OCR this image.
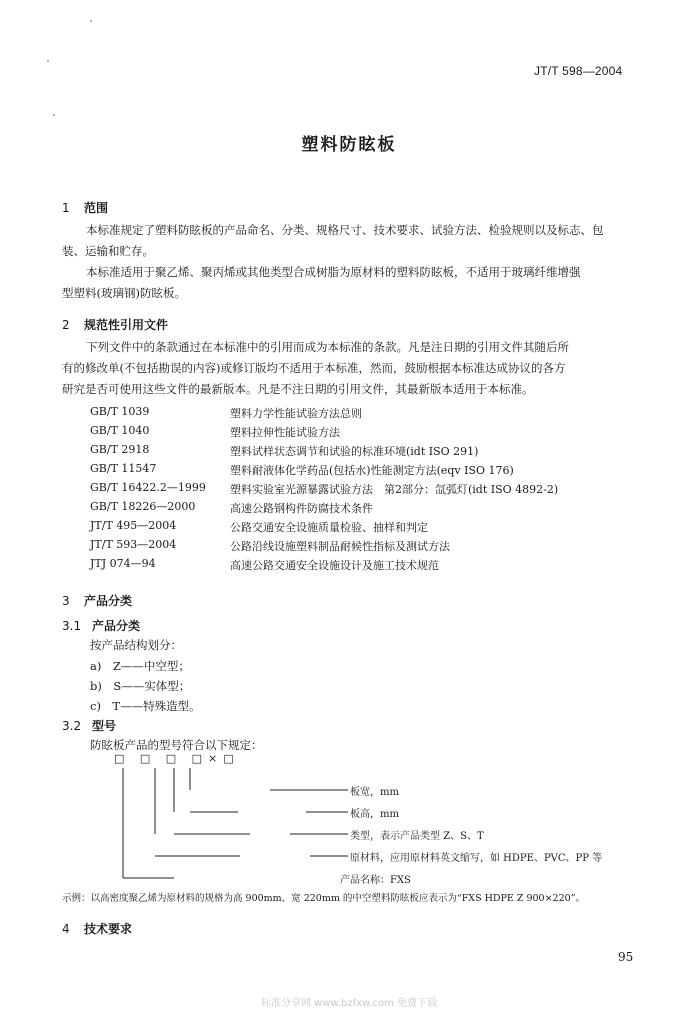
JT/T 598—2004
塑料防眩板
1 范围
本标准规定了塑料防眩板的产品命名、分类、规格尺寸、技术要求、试验方法、检验规则以及标志、包
装、运输和贮存。
本标准适用于聚乙烯、聚丙烯或其他类型合成树脂为原材料的塑料防眩板，不适用于玻璃纤维增强
型塑料(玻璃钢)防眩板。
2 规范性引用文件
下列文件中的条款通过在本标准中的引用而成为本标准的条款。凡是注日期的引用文件其随后所
有的修改单(不包括勘误的内容)或修订版均不适用于本标准，然而，鼓励根据本标准达成协议的各方
研究是否可使用这些文件的最新版本。凡是不注日期的引用文件，其最新版本适用于本标准。
GB/T 1039	塑料力学性能试验方法总则
GB/T 1040	塑料拉伸性能试验方法
GB/T 2918	塑料试样状态调节和试验的标准环境(idt ISO 291)
GB/T 11547	塑料耐液体化学药品(包括水)性能测定方法(eqv ISO 176)
GB/T 16422.2—1999 塑料实验室光源暴露试验方法　第2部分：氙弧灯(idt ISO 4892-2)
GB/T 18226—2000	高速公路钢构件防腐技术条件
JT/T 495—2004	公路交通安全设施质量检验、抽样和判定
JT/T 593—2004	公路沿线设施塑料制品耐候性指标及测试方法
JTJ 074—94	高速公路交通安全设施设计及施工技术规范
3 产品分类
3.1 产品分类
按产品结构划分：
a)　Z——中空型；
b)　S——实体型；
c)　T——特殊造型。
3.2 型号
防眩板产品的型号符合以下规定：
□ □ □ □×□
板宽，mm
板高，mm
类型，表示产品类型 Z、S、T
原材料，应用原材料英文缩写，如 HDPE、PVC、PP 等
产品名称：FXS
示例：以高密度聚乙烯为原材料的规格为高 900mm、宽 220mm 的中空塑料防眩板应表示为“FXS HDPE Z 900×220”。
4 技术要求
95
标准分享网 www.bzfxw.com 免费下载
